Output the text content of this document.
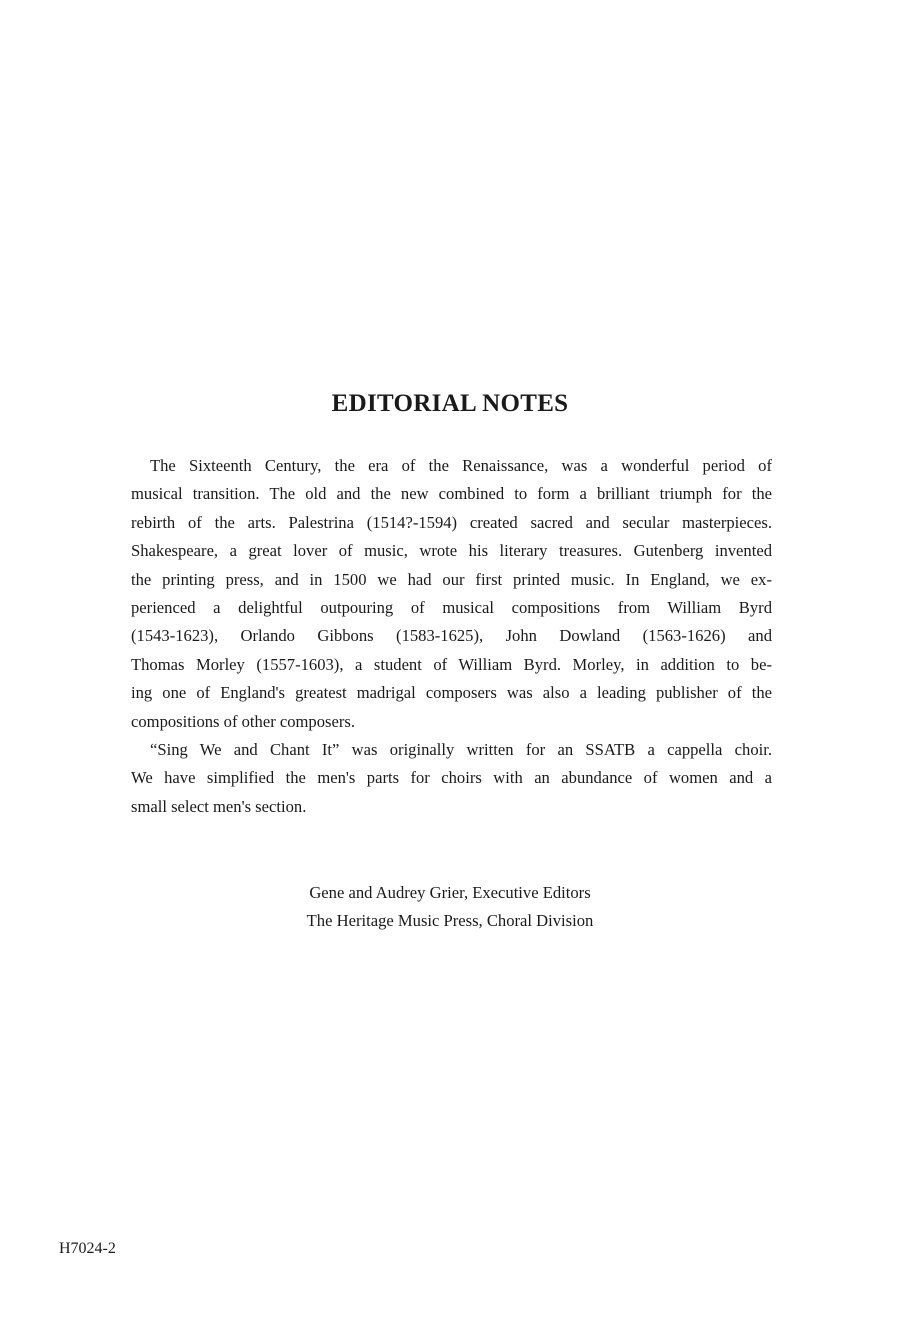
EDITORIAL NOTES
The Sixteenth Century, the era of the Renaissance, was a wonderful period of
musical transition. The old and the new combined to form a brilliant triumph for the
rebirth of the arts. Palestrina (1514?-1594) created sacred and secular masterpieces.
Shakespeare, a great lover of music, wrote his literary treasures. Gutenberg invented
the printing press, and in 1500 we had our first printed music. In England, we ex-
perienced a delightful outpouring of musical compositions from William Byrd
(1543-1623), Orlando Gibbons (1583-1625), John Dowland (1563-1626) and
Thomas Morley (1557-1603), a student of William Byrd. Morley, in addition to be-
ing one of England's greatest madrigal composers was also a leading publisher of the
compositions of other composers.
“Sing We and Chant It” was originally written for an SSATB a cappella choir.
We have simplified the men's parts for choirs with an abundance of women and a
small select men's section.
Gene and Audrey Grier, Executive Editors
The Heritage Music Press, Choral Division
H7024-2
